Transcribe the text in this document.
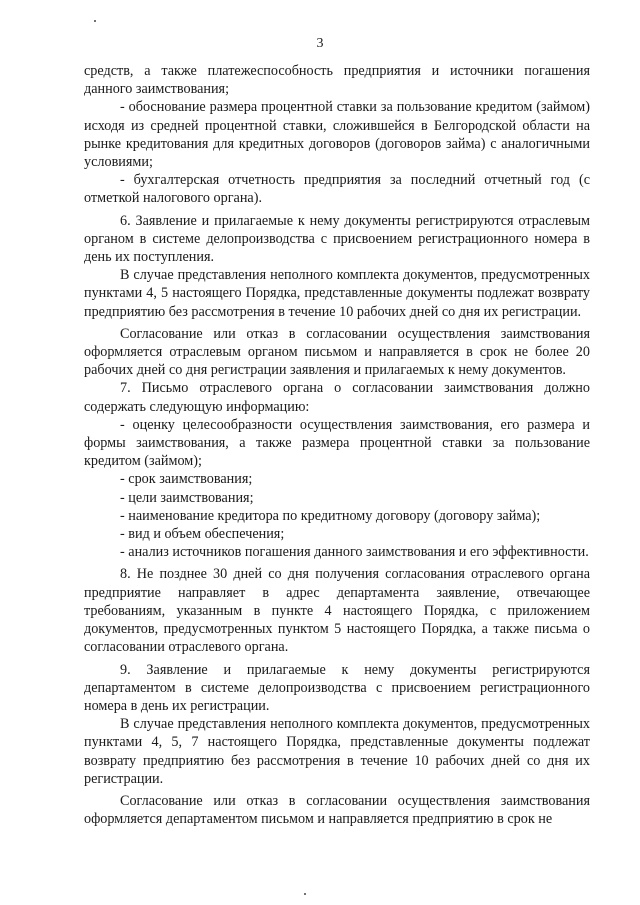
3

средств, а также платежеспособность предприятия и источники погашения данного заимствования;

- обоснование размера процентной ставки за пользование кредитом (займом) исходя из средней процентной ставки, сложившейся в Белгородской области на рынке кредитования для кредитных договоров (договоров займа) с аналогичными условиями;

- бухгалтерская отчетность предприятия за последний отчетный год (с отметкой налогового органа).

6. Заявление и прилагаемые к нему документы регистрируются отраслевым органом в системе делопроизводства с присвоением регистрационного номера в день их поступления.

В случае представления неполного комплекта документов, предусмотренных пунктами 4, 5 настоящего Порядка, представленные документы подлежат возврату предприятию без рассмотрения в течение 10 рабочих дней со дня их регистрации.

Согласование или отказ в согласовании осуществления заимствования оформляется отраслевым органом письмом и направляется в срок не более 20 рабочих дней со дня регистрации заявления и прилагаемых к нему документов.

7. Письмо отраслевого органа о согласовании заимствования должно содержать следующую информацию:

- оценку целесообразности осуществления заимствования, его размера и формы заимствования, а также размера процентной ставки за пользование кредитом (займом);

- срок заимствования;

- цели заимствования;

- наименование кредитора по кредитному договору (договору займа);

- вид и объем обеспечения;

- анализ источников погашения данного заимствования и его эффективности.

8. Не позднее 30 дней со дня получения согласования отраслевого органа предприятие направляет в адрес департамента заявление, отвечающее требованиям, указанным в пункте 4 настоящего Порядка, с приложением документов, предусмотренных пунктом 5 настоящего Порядка, а также письма о согласовании отраслевого органа.

9. Заявление и прилагаемые к нему документы регистрируются департаментом в системе делопроизводства с присвоением регистрационного номера в день их регистрации.

В случае представления неполного комплекта документов, предусмотренных пунктами 4, 5, 7 настоящего Порядка, представленные документы подлежат возврату предприятию без рассмотрения в течение 10 рабочих дней со дня их регистрации.

Согласование или отказ в согласовании осуществления заимствования оформляется департаментом письмом и направляется предприятию в срок не
